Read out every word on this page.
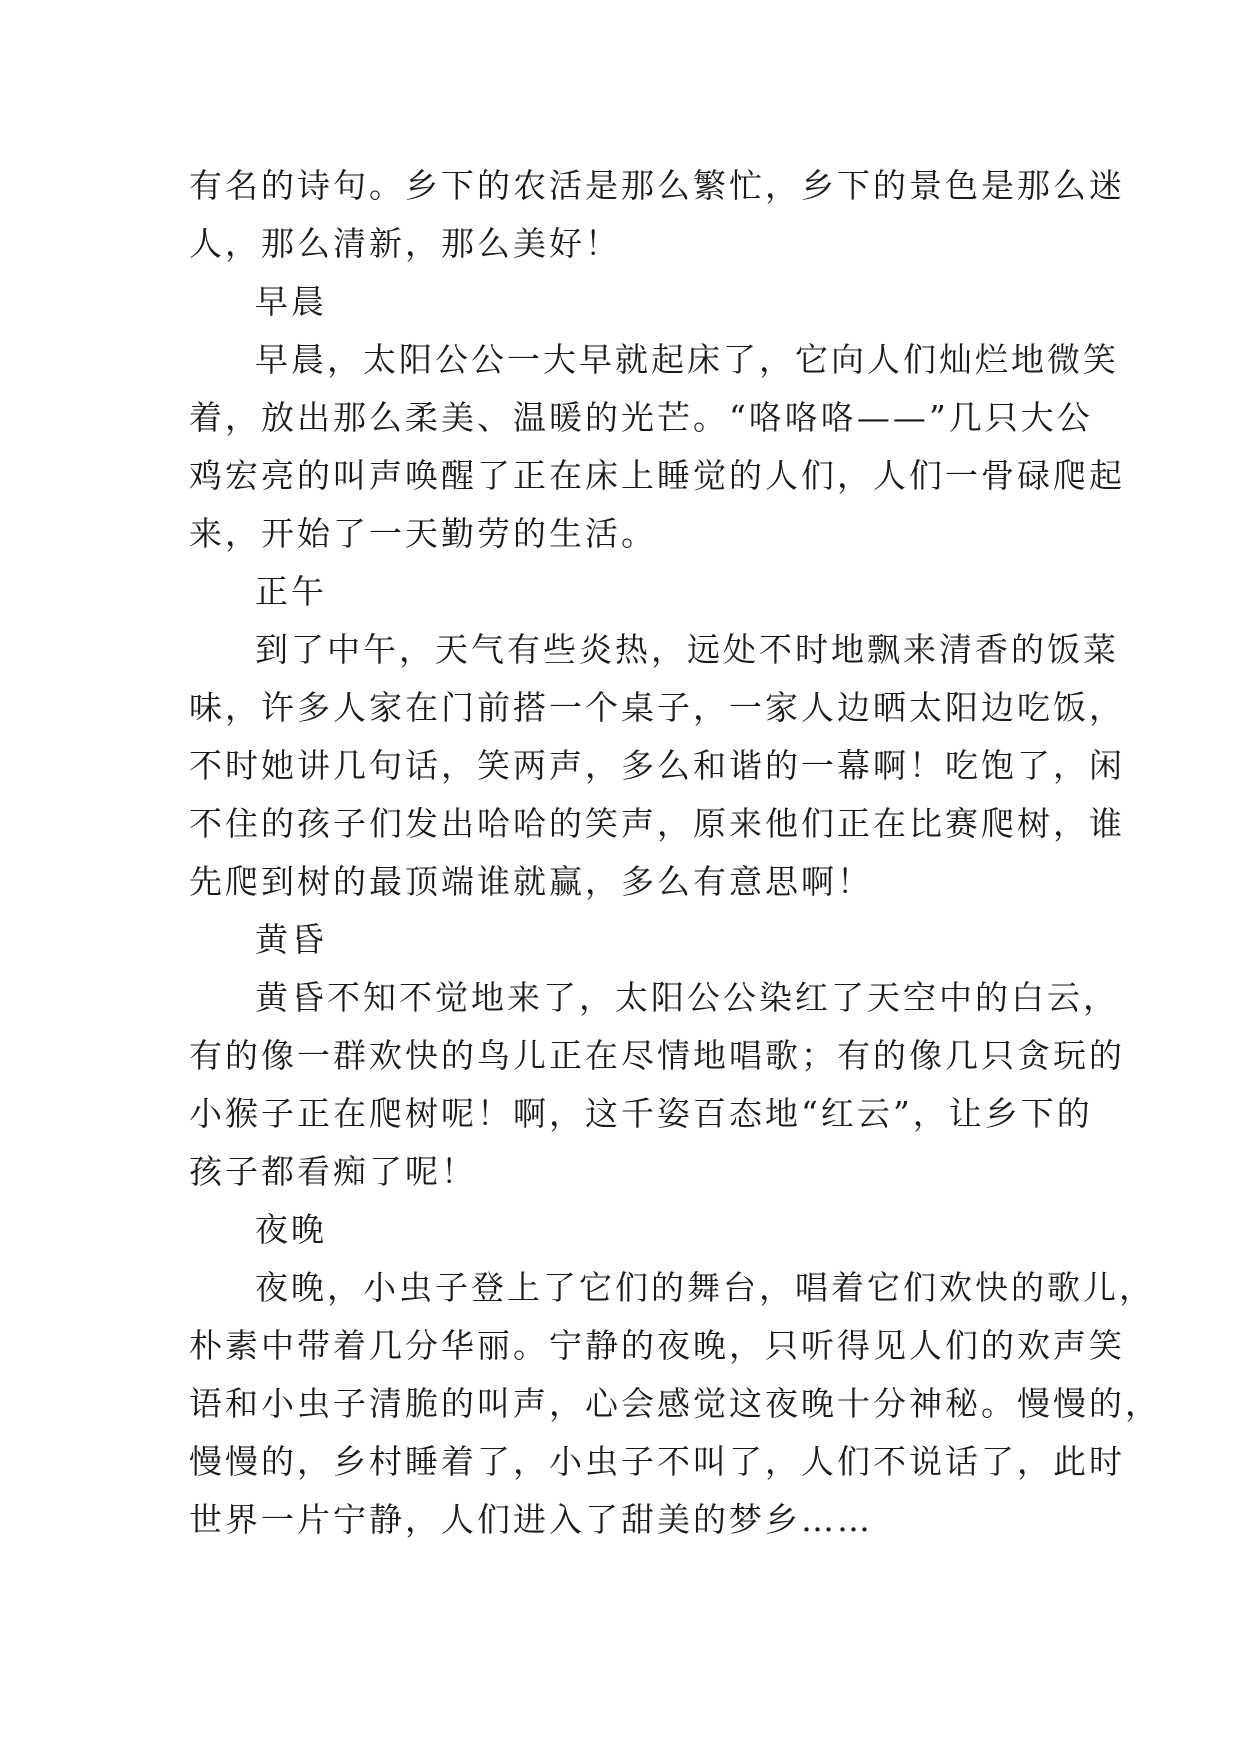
有名的诗句。乡下的农活是那么繁忙，乡下的景色是那么迷
人，那么清新，那么美好！
早晨
早晨，太阳公公一大早就起床了，它向人们灿烂地微笑
着，放出那么柔美、温暖的光芒。“咯咯咯——”几只大公
鸡宏亮的叫声唤醒了正在床上睡觉的人们，人们一骨碌爬起
来，开始了一天勤劳的生活。
正午
到了中午，天气有些炎热，远处不时地飘来清香的饭菜
味，许多人家在门前搭一个桌子，一家人边晒太阳边吃饭，
不时她讲几句话，笑两声，多么和谐的一幕啊！吃饱了，闲
不住的孩子们发出哈哈的笑声，原来他们正在比赛爬树，谁
先爬到树的最顶端谁就赢，多么有意思啊！
黄昏
黄昏不知不觉地来了，太阳公公染红了天空中的白云，
有的像一群欢快的鸟儿正在尽情地唱歌；有的像几只贪玩的
小猴子正在爬树呢！啊，这千姿百态地“红云”，让乡下的
孩子都看痴了呢！
夜晚
夜晚，小虫子登上了它们的舞台，唱着它们欢快的歌儿，
朴素中带着几分华丽。宁静的夜晚，只听得见人们的欢声笑
语和小虫子清脆的叫声，心会感觉这夜晚十分神秘。慢慢的，
慢慢的，乡村睡着了，小虫子不叫了，人们不说话了，此时
世界一片宁静，人们进入了甜美的梦乡……
